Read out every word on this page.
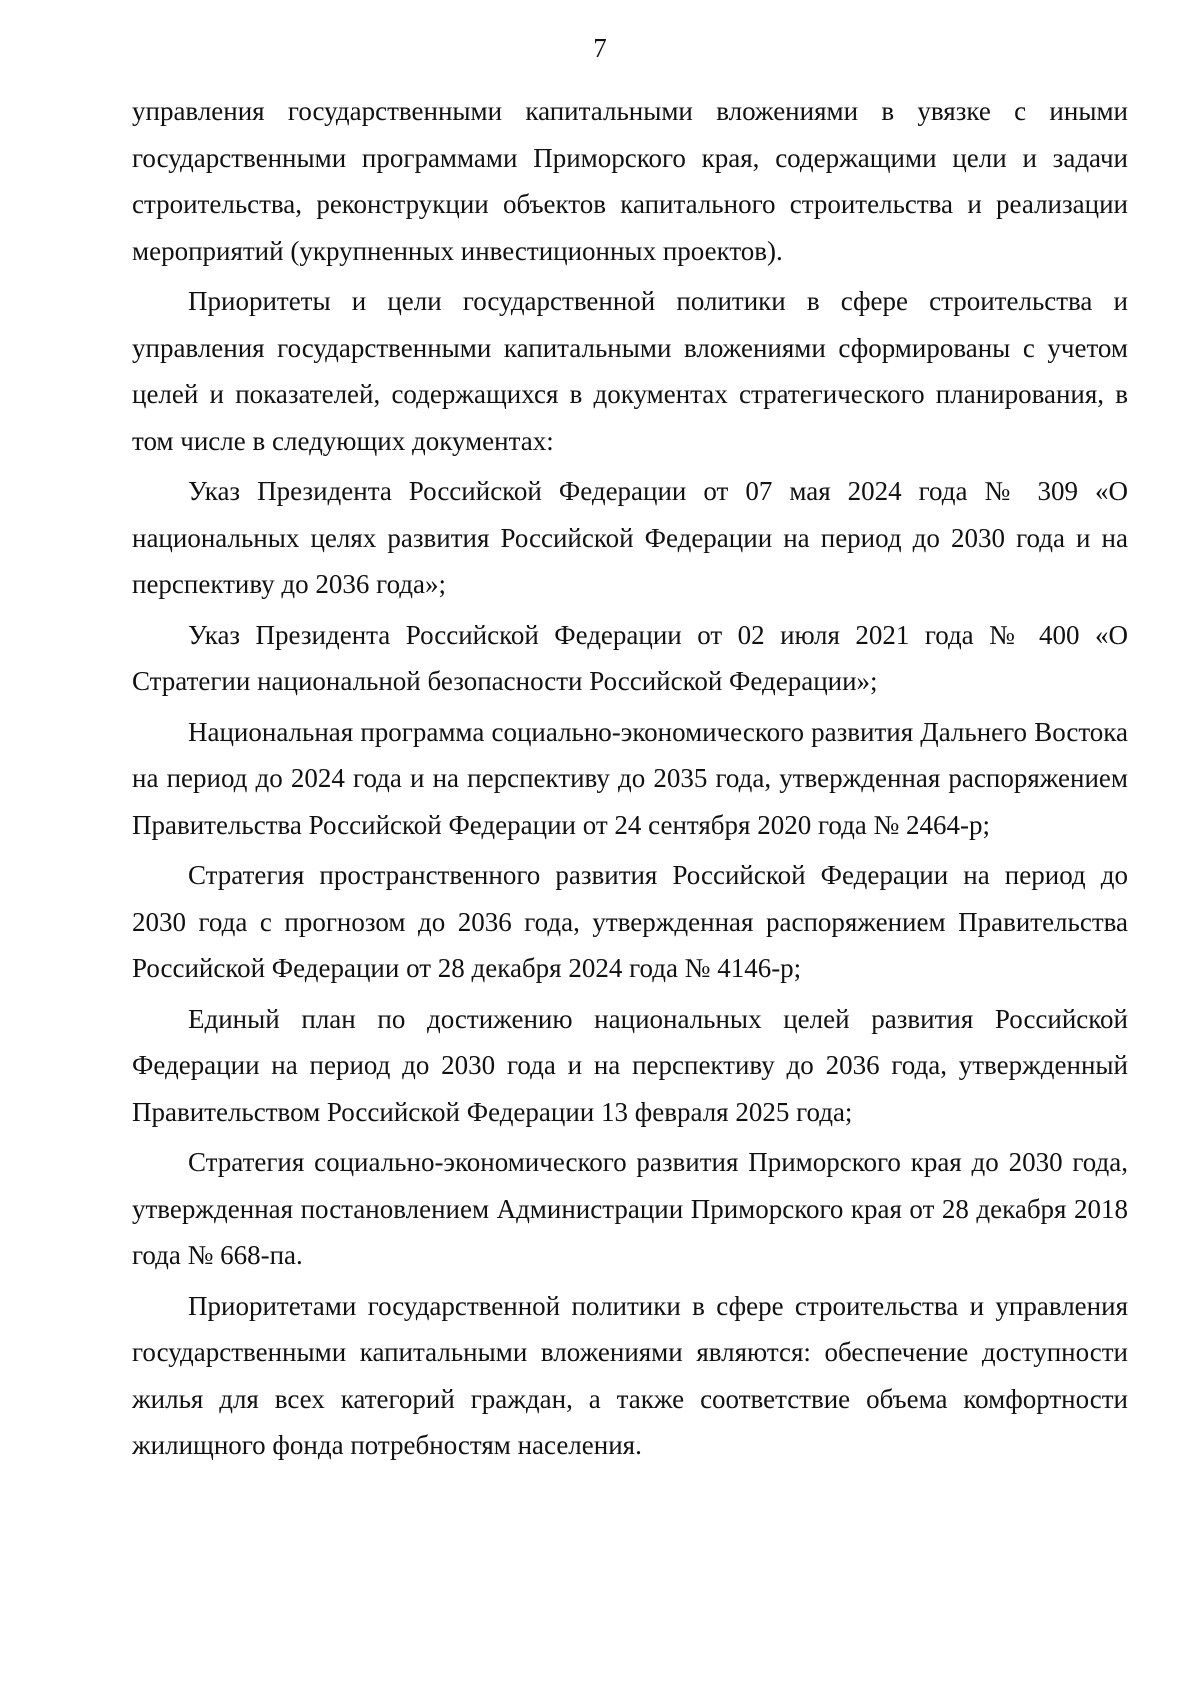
7

управления государственными капитальными вложениями в увязке с иными государственными программами Приморского края, содержащими цели и задачи строительства, реконструкции объектов капитального строительства и реализации мероприятий (укрупненных инвестиционных проектов).

Приоритеты и цели государственной политики в сфере строительства и управления государственными капитальными вложениями сформированы с учетом целей и показателей, содержащихся в документах стратегического планирования, в том числе в следующих документах:

Указ Президента Российской Федерации от 07 мая 2024 года № 309 «О национальных целях развития Российской Федерации на период до 2030 года и на перспективу до 2036 года»;

Указ Президента Российской Федерации от 02 июля 2021 года № 400 «О Стратегии национальной безопасности Российской Федерации»;

Национальная программа социально-экономического развития Дальнего Востока на период до 2024 года и на перспективу до 2035 года, утвержденная распоряжением Правительства Российской Федерации от 24 сентября 2020 года № 2464-р;

Стратегия пространственного развития Российской Федерации на период до 2030 года с прогнозом до 2036 года, утвержденная распоряжением Правительства Российской Федерации от 28 декабря 2024 года № 4146-р;

Единый план по достижению национальных целей развития Российской Федерации на период до 2030 года и на перспективу до 2036 года, утвержденный Правительством Российской Федерации 13 февраля 2025 года;

Стратегия социально-экономического развития Приморского края до 2030 года, утвержденная постановлением Администрации Приморского края от 28 декабря 2018 года № 668-па.

Приоритетами государственной политики в сфере строительства и управления государственными капитальными вложениями являются: обеспечение доступности жилья для всех категорий граждан, а также соответствие объема комфортности жилищного фонда потребностям населения.
